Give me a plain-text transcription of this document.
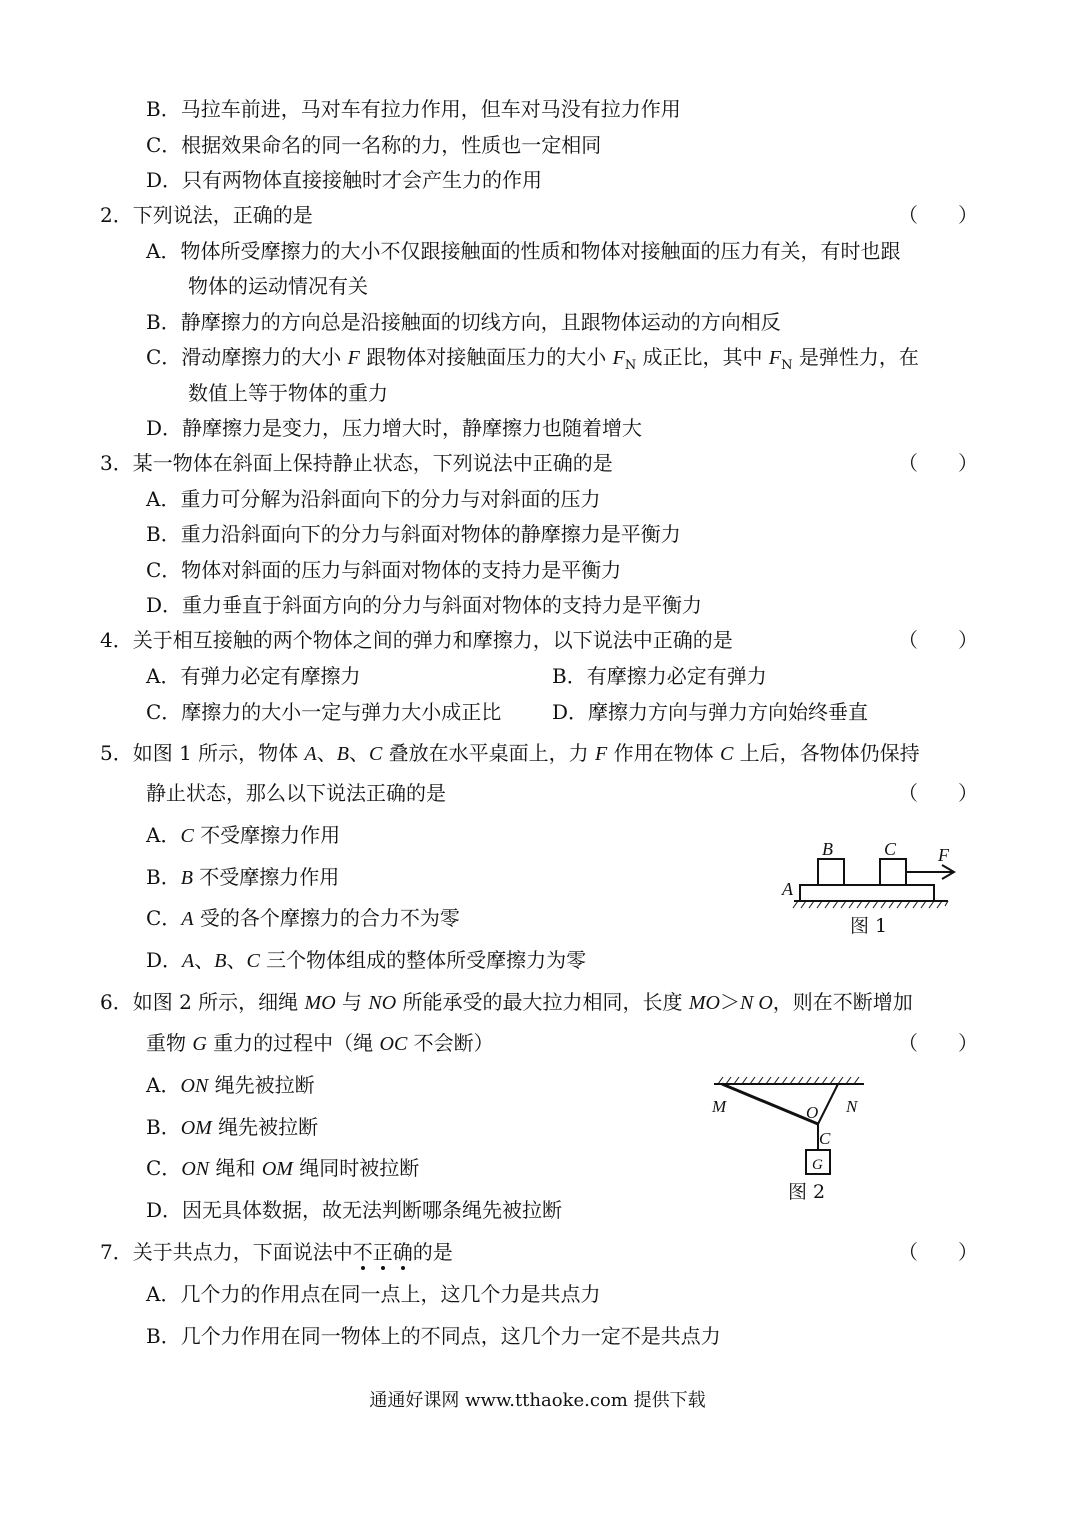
B．马拉车前进，马对车有拉力作用，但车对马没有拉力作用
C．根据效果命名的同一名称的力，性质也一定相同
D．只有两物体直接接触时才会产生力的作用
2．下列说法，正确的是	（　　）
A．物体所受摩擦力的大小不仅跟接触面的性质和物体对接触面的压力有关，有时也跟
物体的运动情况有关
B．静摩擦力的方向总是沿接触面的切线方向，且跟物体运动的方向相反
C．滑动摩擦力的大小 F 跟物体对接触面压力的大小 $F_N$ 成正比，其中 $F_N$ 是弹性力，在
数值上等于物体的重力
D．静摩擦力是变力，压力增大时，静摩擦力也随着增大
3．某一物体在斜面上保持静止状态，下列说法中正确的是	（　　）
A．重力可分解为沿斜面向下的分力与对斜面的压力
B．重力沿斜面向下的分力与斜面对物体的静摩擦力是平衡力
C．物体对斜面的压力与斜面对物体的支持力是平衡力
D．重力垂直于斜面方向的分力与斜面对物体的支持力是平衡力
4．关于相互接触的两个物体之间的弹力和摩擦力，以下说法中正确的是	（　　）
A．有弹力必定有摩擦力	B．有摩擦力必定有弹力
C．摩擦力的大小一定与弹力大小成正比	D．摩擦力方向与弹力方向始终垂直
5．如图 1 所示，物体 A、B、C 叠放在水平桌面上，力 F 作用在物体 C 上后，各物体仍保持
静止状态，那么以下说法正确的是	（　　）
A．C 不受摩擦力作用
B．B 不受摩擦力作用
C．A 受的各个摩擦力的合力不为零
D．A、B、C 三个物体组成的整体所受摩擦力为零
A
B	C F
图 1
6．如图 2 所示，细绳 MO 与 NO 所能承受的最大拉力相同，长度 MO＞N O，则在不断增加
重物 G 重力的过程中（绳 OC 不会断）	（　　）
A．ON 绳先被拉断
B．OM 绳先被拉断
C．ON 绳和 OM 绳同时被拉断
D．因无具体数据，故无法判断哪条绳先被拉断
M	O N
C
G
图 2
7．关于共点力，下面说法中不正确的是	（　　）
A．几个力的作用点在同一点上，这几个力是共点力
B．几个力作用在同一物体上的不同点，这几个力一定不是共点力
通通好课网 www.tthaoke.com 提供下载
